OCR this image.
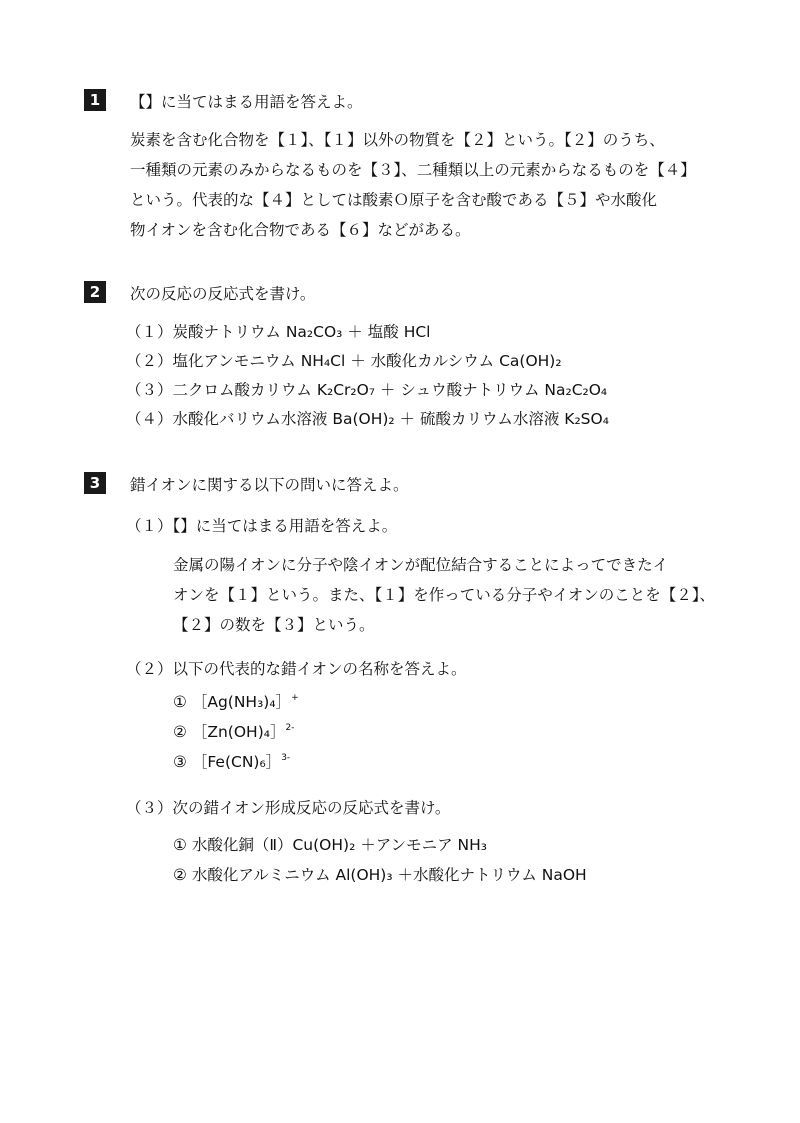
1	【】に当てはまる用語を答えよ。
炭素を含む化合物を【１】、【１】以外の物質を【２】という。【２】のうち、
一種類の元素のみからなるものを【３】、二種類以上の元素からなるものを【４】
という。代表的な【４】としては酸素Ｏ原子を含む酸である【５】や水酸化
物イオンを含む化合物である【６】などがある。
2	次の反応の反応式を書け。
（１）炭酸ナトリウム Na₂CO₃ ＋ 塩酸 HCl
（２）塩化アンモニウム NH₄Cl ＋ 水酸化カルシウム Ca(OH)₂
（３）二クロム酸カリウム K₂Cr₂O₇ ＋ シュウ酸ナトリウム Na₂C₂O₄
（４）水酸化バリウム水溶液 Ba(OH)₂ ＋ 硫酸カリウム水溶液 K₂SO₄
3	錯イオンに関する以下の問いに答えよ。
（１）【】に当てはまる用語を答えよ。
金属の陽イオンに分子や陰イオンが配位結合することによってできたイ
オンを【１】という。また、【１】を作っている分子やイオンのことを【２】、
【２】の数を【３】という。
（２）以下の代表的な錯イオンの名称を答えよ。
① ［Ag(NH₃)₄］+
② ［Zn(OH)₄］$^{2-}$
③ ［Fe(CN)₆］$^{3-}$
（３）次の錯イオン形成反応の反応式を書け。
① 水酸化銅（Ⅱ）Cu(OH)₂ ＋アンモニア NH₃
② 水酸化アルミニウム Al(OH)₃ ＋水酸化ナトリウム NaOH
